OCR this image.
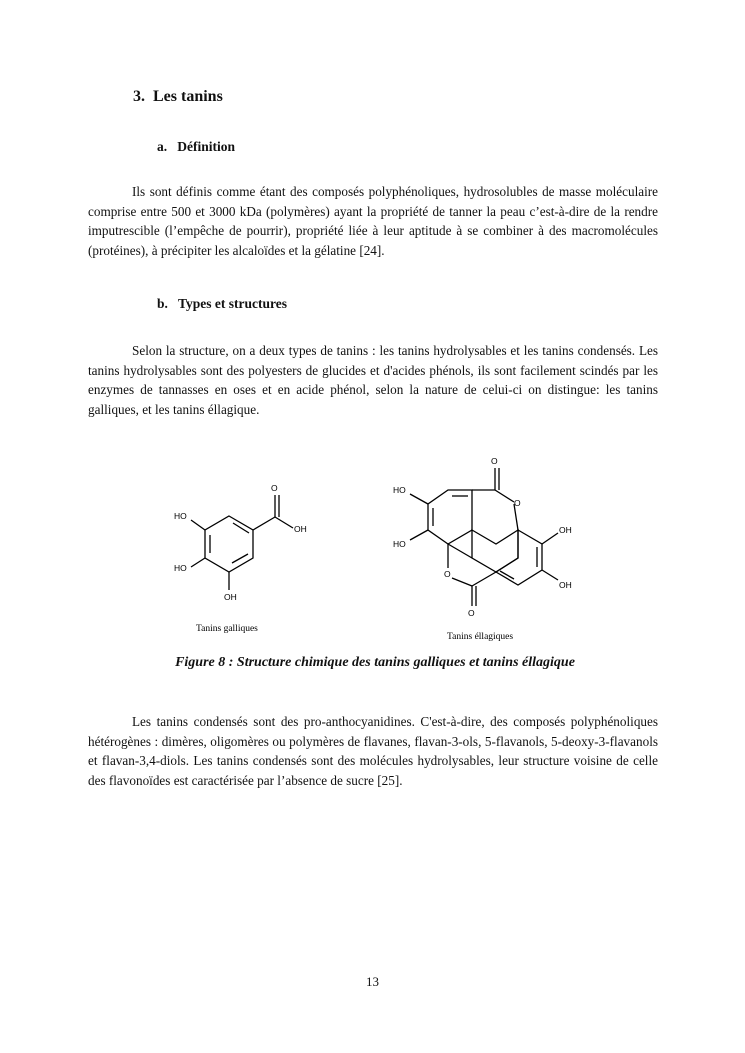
3. Les tanins
a. Définition

Ils sont définis comme étant des composés polyphénoliques, hydrosolubles de masse moléculaire comprise entre 500 et 3000 kDa (polymères) ayant la propriété de tanner la peau c’est-à-dire de la rendre imputrescible (l’empêche de pourrir), propriété liée à leur aptitude à se combiner à des macromolécules (protéines), à précipiter les alcaloïdes et la gélatine [24].

b. Types et structures

Selon la structure, on a deux types de tanins : les tanins hydrolysables et les tanins condensés. Les tanins hydrolysables sont des polyesters de glucides et d'acides phénols, ils sont facilement scindés par les enzymes de tannasses en oses et en acide phénol, selon la nature de celui-ci on distingue: les tanins galliques, et les tanins éllagique.

O
OH
HO
HO
OH
Tanins galliques
O
O
HO
HO
OH
OH
O
O
Tanins éllagiques
Figure 8 : Structure chimique des tanins galliques et tanins éllagique

Les tanins condensés sont des pro-anthocyanidines. C'est-à-dire, des composés polyphénoliques hétérogènes : dimères, oligomères ou polymères de flavanes, flavan-3-ols, 5-flavanols, 5-deoxy-3-flavanols et flavan-3,4-diols. Les tanins condensés sont des molécules hydrolysables, leur structure voisine de celle des flavonoïdes est caractérisée par l’absence de sucre [25].

13
